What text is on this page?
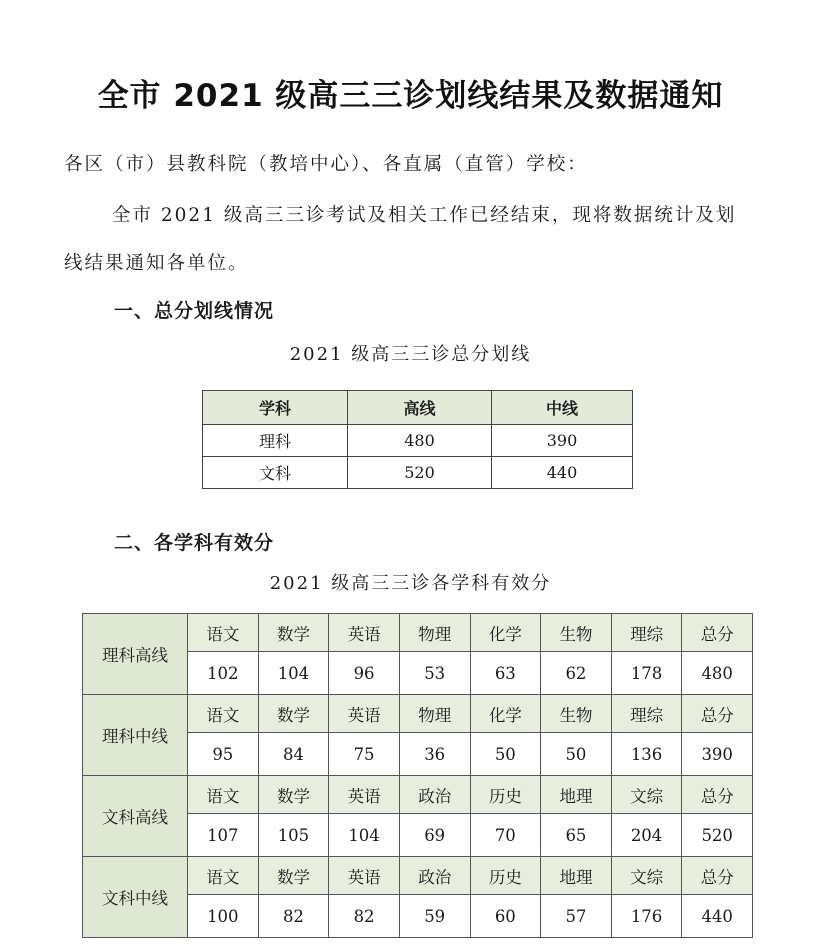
全市 2021 级高三三诊划线结果及数据通知
各区（市）县教科院（教培中心）、各直属（直管）学校：
全市 2021 级高三三诊考试及相关工作已经结束，现将数据统计及划
线结果通知各单位。
一、总分划线情况
2021 级高三三诊总分划线
学科	高线	中线
理科	480	390
文科	520	440
二、各学科有效分
2021 级高三三诊各学科有效分
理科高线	语文	数学	英语	物理	化学	生物	理综	总分
	102	104	96	53	63	62	178	480
理科中线	语文	数学	英语	物理	化学	生物	理综	总分
	95	84	75	36	50	50	136	390
文科高线	语文	数学	英语	政治	历史	地理	文综	总分
	107	105	104	69	70	65	204	520
文科中线	语文	数学	英语	政治	历史	地理	文综	总分
	100	82	82	59	60	57	176	440
